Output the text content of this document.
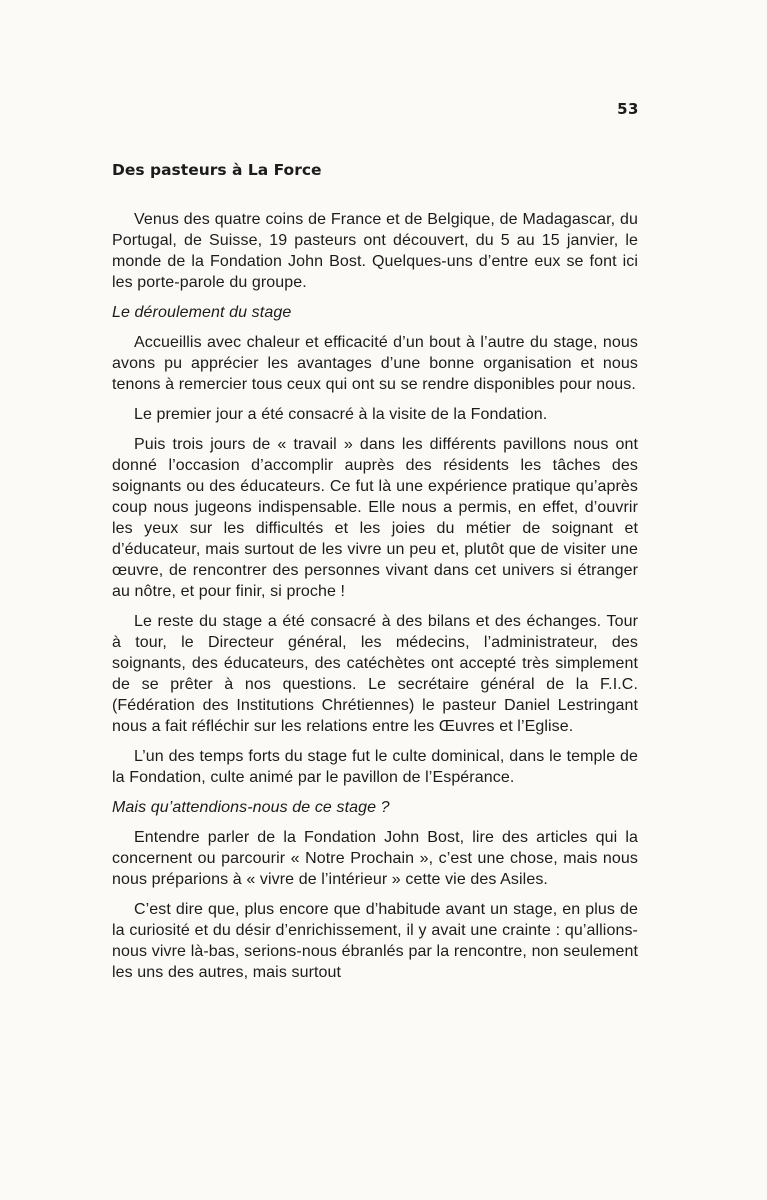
53
Des pasteurs à La Force

Venus des quatre coins de France et de Belgique, de Madagascar, du Portugal, de Suisse, 19 pasteurs ont découvert, du 5 au 15 janvier, le monde de la Fondation John Bost. Quelques-uns d’entre eux se font ici les porte-parole du groupe.

Le déroulement du stage

Accueillis avec chaleur et efficacité d’un bout à l’autre du stage, nous avons pu apprécier les avantages d’une bonne organisation et nous tenons à remercier tous ceux qui ont su se rendre disponibles pour nous.

Le premier jour a été consacré à la visite de la Fondation.

Puis trois jours de « travail » dans les différents pavillons nous ont donné l’occasion d’accomplir auprès des résidents les tâches des soignants ou des éducateurs. Ce fut là une expérience pratique qu’après coup nous jugeons indispensable. Elle nous a permis, en effet, d’ouvrir les yeux sur les difficultés et les joies du métier de soignant et d’éducateur, mais surtout de les vivre un peu et, plutôt que de visiter une œuvre, de rencontrer des personnes vivant dans cet univers si étranger au nôtre, et pour finir, si proche !

Le reste du stage a été consacré à des bilans et des échanges. Tour à tour, le Directeur général, les médecins, l’administrateur, des soignants, des éducateurs, des catéchètes ont accepté très simplement de se prêter à nos questions. Le secrétaire général de la F.I.C. (Fédération des Institutions Chrétiennes) le pasteur Daniel Lestringant nous a fait réfléchir sur les relations entre les Œuvres et l’Eglise.

L’un des temps forts du stage fut le culte dominical, dans le temple de la Fondation, culte animé par le pavillon de l’Espérance.

Mais qu’attendions-nous de ce stage ?

Entendre parler de la Fondation John Bost, lire des articles qui la concernent ou parcourir « Notre Prochain », c’est une chose, mais nous nous préparions à « vivre de l’intérieur » cette vie des Asiles.

C’est dire que, plus encore que d’habitude avant un stage, en plus de la curiosité et du désir d’enrichissement, il y avait une crainte : qu’allions-nous vivre là-bas, serions-nous ébranlés par la rencontre, non seulement les uns des autres, mais surtout
